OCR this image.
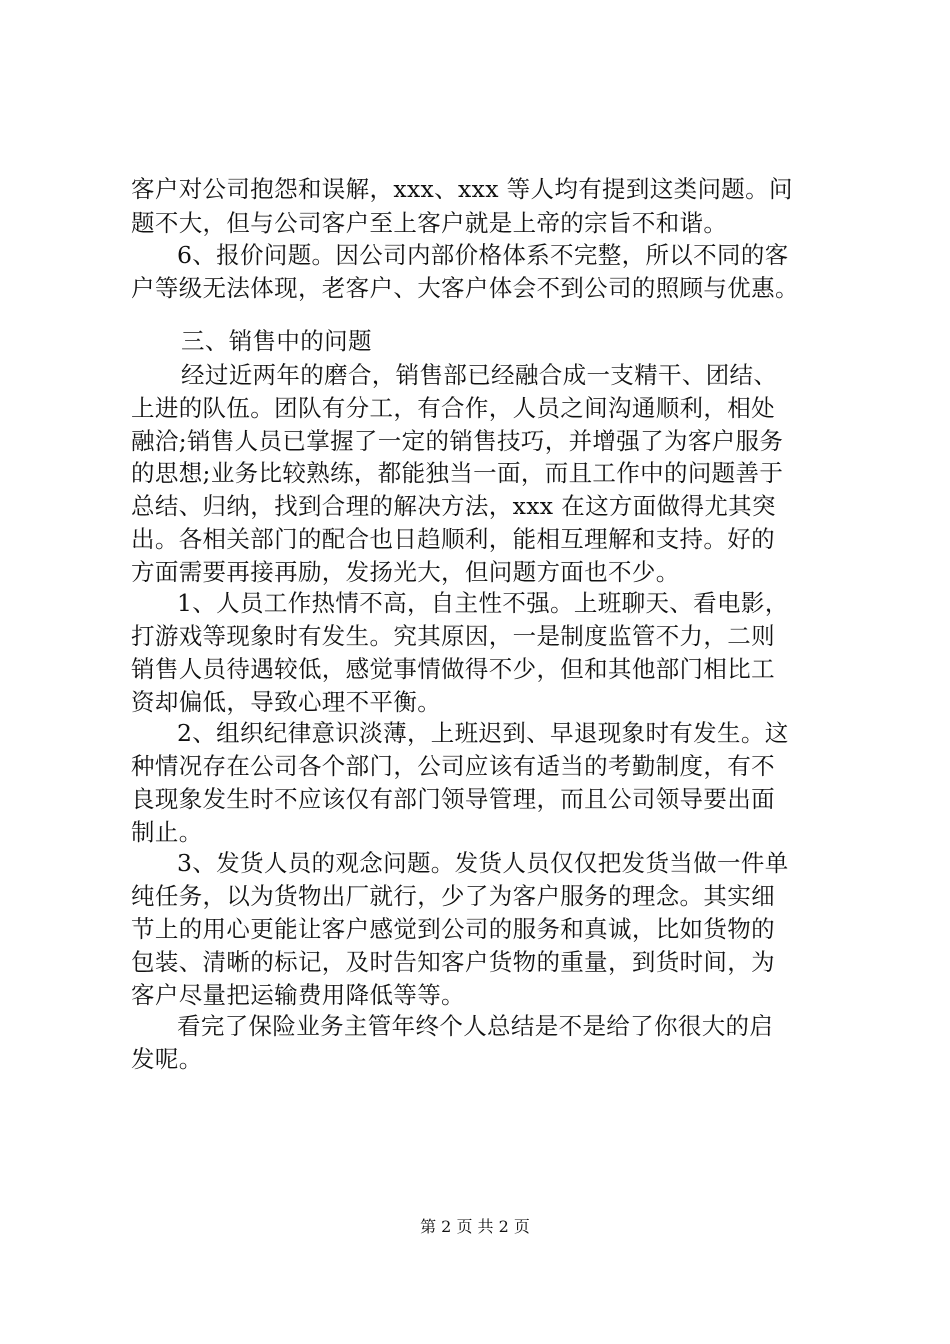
客户对公司抱怨和误解，xxx、xxx 等人均有提到这类问题。问
题不大，但与公司客户至上客户就是上帝的宗旨不和谐。
6、报价问题。因公司内部价格体系不完整，所以不同的客
户等级无法体现，老客户、大客户体会不到公司的照顾与优惠。
三、销售中的问题
经过近两年的磨合，销售部已经融合成一支精干、团结、
上进的队伍。团队有分工，有合作，人员之间沟通顺利，相处
融洽;销售人员已掌握了一定的销售技巧，并增强了为客户服务
的思想;业务比较熟练，都能独当一面，而且工作中的问题善于
总结、归纳，找到合理的解决方法，xxx 在这方面做得尤其突
出。各相关部门的配合也日趋顺利，能相互理解和支持。好的
方面需要再接再励，发扬光大，但问题方面也不少。
1、人员工作热情不高，自主性不强。上班聊天、看电影，
打游戏等现象时有发生。究其原因，一是制度监管不力，二则
销售人员待遇较低，感觉事情做得不少，但和其他部门相比工
资却偏低，导致心理不平衡。
2、组织纪律意识淡薄，上班迟到、早退现象时有发生。这
种情况存在公司各个部门，公司应该有适当的考勤制度，有不
良现象发生时不应该仅有部门领导管理，而且公司领导要出面
制止。
3、发货人员的观念问题。发货人员仅仅把发货当做一件单
纯任务，以为货物出厂就行，少了为客户服务的理念。其实细
节上的用心更能让客户感觉到公司的服务和真诚，比如货物的
包装、清晰的标记，及时告知客户货物的重量，到货时间，为
客户尽量把运输费用降低等等。
看完了保险业务主管年终个人总结是不是给了你很大的启
发呢。
第 2 页 共 2 页
